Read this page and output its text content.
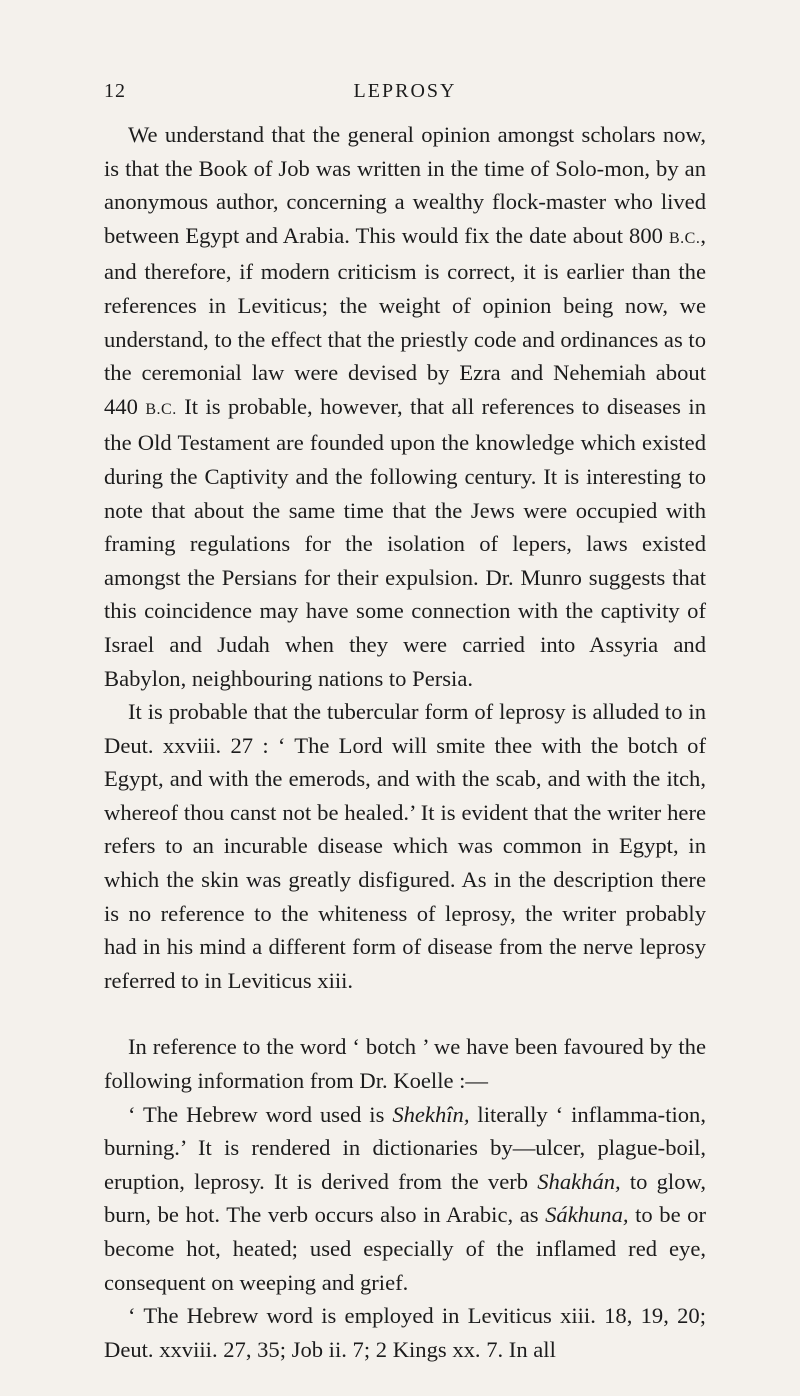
12	LEPROSY

We understand that the general opinion amongst scholars now, is that the Book of Job was written in the time of Solo-mon, by an anonymous author, concerning a wealthy flock-master who lived between Egypt and Arabia. This would fix the date about 800 B.C., and therefore, if modern criticism is correct, it is earlier than the references in Leviticus; the weight of opinion being now, we understand, to the effect that the priestly code and ordinances as to the ceremonial law were devised by Ezra and Nehemiah about 440 B.C. It is probable, however, that all references to diseases in the Old Testament are founded upon the knowledge which existed during the Captivity and the following century. It is interesting to note that about the same time that the Jews were occupied with framing regulations for the isolation of lepers, laws existed amongst the Persians for their expulsion. Dr. Munro suggests that this coincidence may have some connection with the captivity of Israel and Judah when they were carried into Assyria and Babylon, neighbouring nations to Persia.

It is probable that the tubercular form of leprosy is alluded to in Deut. xxviii. 27 : ‘ The Lord will smite thee with the botch of Egypt, and with the emerods, and with the scab, and with the itch, whereof thou canst not be healed.’ It is evident that the writer here refers to an incurable disease which was common in Egypt, in which the skin was greatly disfigured. As in the description there is no reference to the whiteness of leprosy, the writer probably had in his mind a different form of disease from the nerve leprosy referred to in Leviticus xiii.

In reference to the word ‘ botch ’ we have been favoured by the following information from Dr. Koelle :—

‘ The Hebrew word used is Shekhîn, literally ‘ inflamma-tion, burning.’ It is rendered in dictionaries by—ulcer, plague-boil, eruption, leprosy. It is derived from the verb Shakhán, to glow, burn, be hot. The verb occurs also in Arabic, as Sákhuna, to be or become hot, heated; used especially of the inflamed red eye, consequent on weeping and grief.

‘ The Hebrew word is employed in Leviticus xiii. 18, 19, 20; Deut. xxviii. 27, 35; Job ii. 7; 2 Kings xx. 7. In all
